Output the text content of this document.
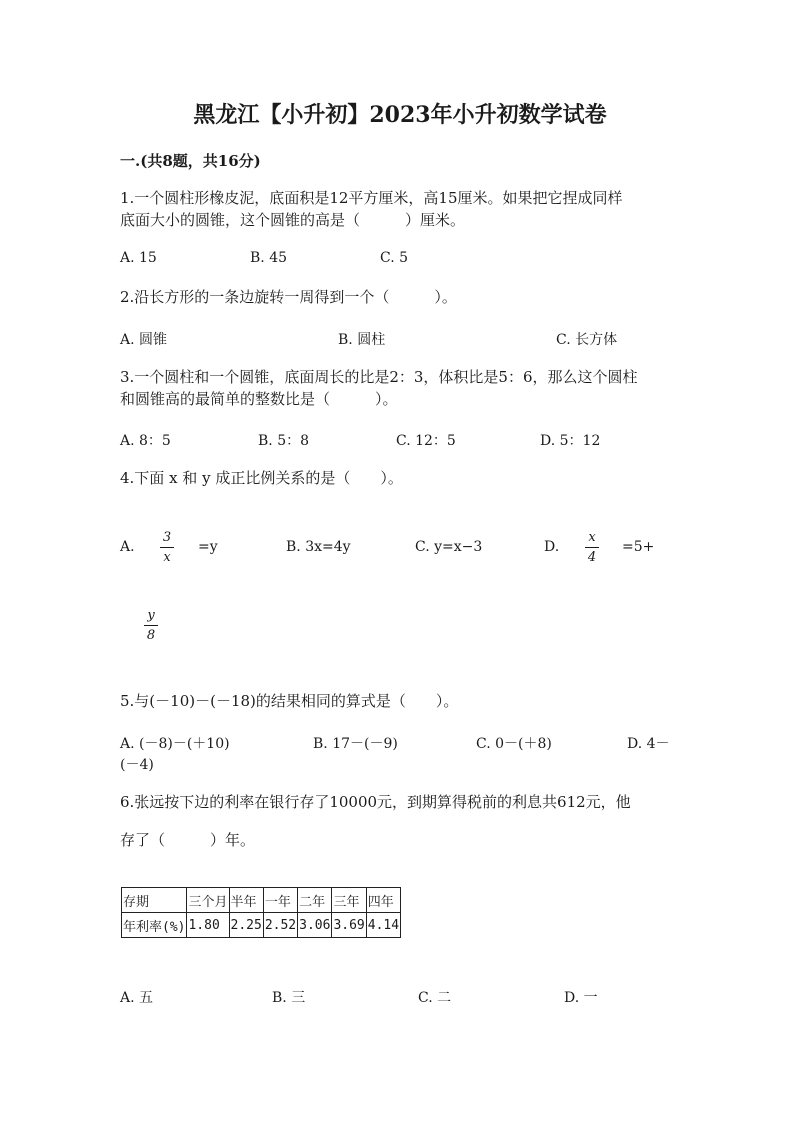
黑龙江【小升初】2023年小升初数学试卷
一.(共8题，共16分)
1.一个圆柱形橡皮泥，底面积是12平方厘米，高15厘米。如果把它捏成同样
底面大小的圆锥，这个圆锥的高是（　　　）厘米。
A. 15	B. 45	C. 5
2.沿长方形的一条边旋转一周得到一个（　　　）。
A. 圆锥	B. 圆柱	C. 长方体
3.一个圆柱和一个圆锥，底面周长的比是2：3，体积比是5：6，那么这个圆柱
和圆锥高的最简单的整数比是（　　　）。
A. 8：5	B. 5：8	C. 12：5	D. 5：12
4.下面 x 和 y 成正比例关系的是（　　）。
A.
3
x
=y	B. 3x=4y	C. y=x−3	D.
x
4
=5+
y
8
5.与(－10)－(－18)的结果相同的算式是（　　）。
A. (－8)－(＋10)	B. 17－(－9)	C. 0－(＋8)	D. 4－
(－4)
6.张远按下边的利率在银行存了10000元，到期算得税前的利息共612元，他
存了（　　　）年。
存期	三个月	半年	一年	二年	三年	四年
年利率(%)	1.80	2.25	2.52	3.06	3.69	4.14
A. 五	B. 三	C. 二	D. 一
